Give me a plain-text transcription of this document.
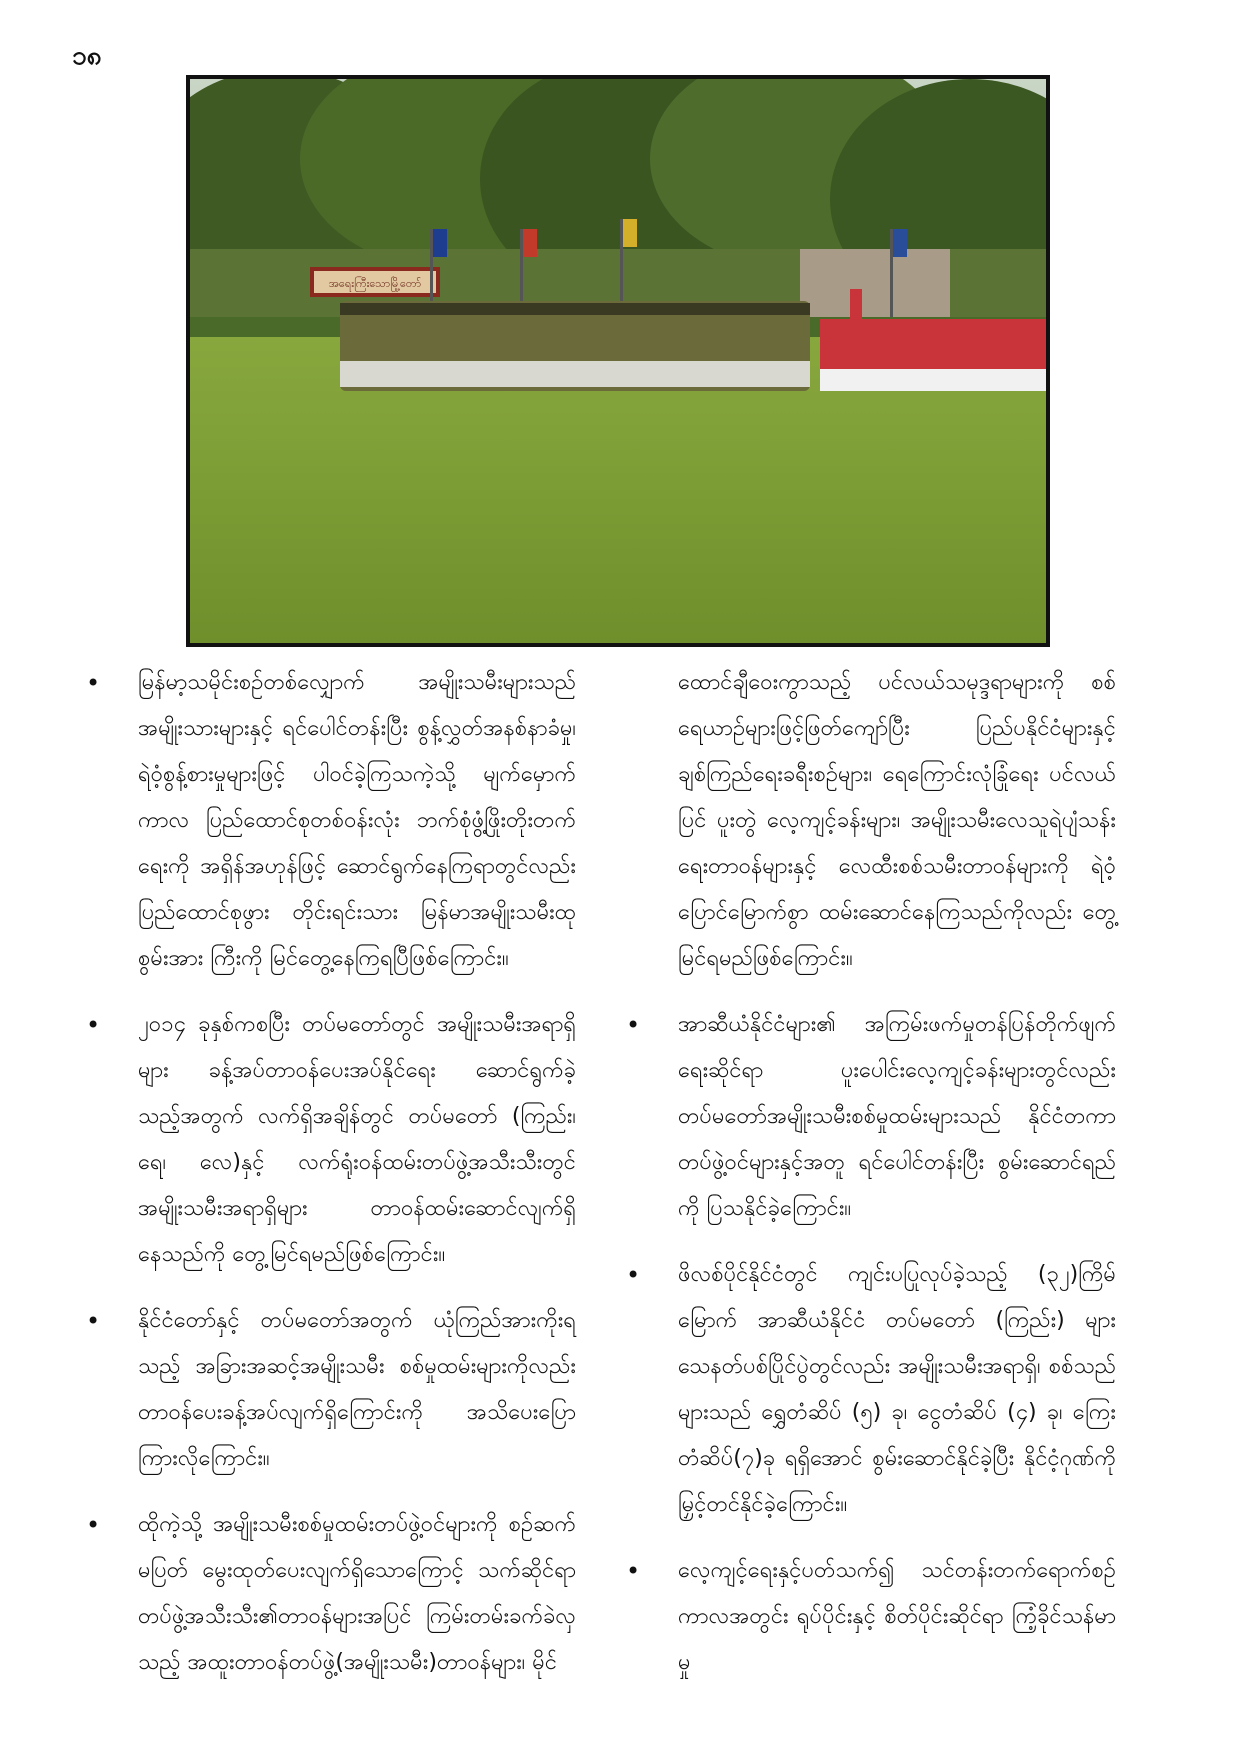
၁၈
အရေးကြီးသောမြို့တော်
• မြန်မာ့သမိုင်းစဉ်တစ်လျှောက် အမျိုးသမီးများသည် အမျိုးသားများနှင့် ရင်ပေါင်တန်းပြီး စွန့်လွှတ်အနစ်နာခံမှု၊ ရဲဝံ့စွန့်စားမှုများဖြင့် ပါဝင်ခဲ့ကြသကဲ့သို့ မျက်မှောက်ကာလ ပြည်ထောင်စုတစ်ဝန်းလုံး ဘက်စုံဖွံ့ဖြိုးတိုးတက်ရေးကို အရှိန်အဟုန်ဖြင့် ဆောင်ရွက်နေကြရာတွင်လည်း ပြည်ထောင်စုဖွား တိုင်းရင်းသား မြန်မာအမျိုးသမီးထုစွမ်းအား ကြီးကို မြင်တွေ့နေကြရပြီဖြစ်ကြောင်း။
• ၂၀၁၄ ခုနှစ်ကစပြီး တပ်မတော်တွင် အမျိုးသမီးအရာရှိများ ခန့်အပ်တာဝန်ပေးအပ်နိုင်ရေး ဆောင်ရွက်ခဲ့သည့်အတွက် လက်ရှိအချိန်တွင် တပ်မတော် (ကြည်း၊ ရေ၊ လေ)နှင့် လက်ရုံးဝန်ထမ်းတပ်ဖွဲ့အသီးသီးတွင် အမျိုးသမီးအရာရှိများ တာဝန်ထမ်းဆောင်လျက်ရှိနေသည်ကို တွေ့မြင်ရမည်ဖြစ်ကြောင်း။
• နိုင်ငံတော်နှင့် တပ်မတော်အတွက် ယုံကြည်အားကိုးရသည့် အခြားအဆင့်အမျိုးသမီး စစ်မှုထမ်းများကိုလည်း တာဝန်ပေးခန့်အပ်လျက်ရှိကြောင်းကို အသိပေးပြောကြားလိုကြောင်း။
• ထိုကဲ့သို့ အမျိုးသမီးစစ်မှုထမ်းတပ်ဖွဲ့ဝင်များကို စဉ်ဆက်မပြတ် မွေးထုတ်ပေးလျက်ရှိသောကြောင့် သက်ဆိုင်ရာ တပ်ဖွဲ့အသီးသီး၏တာဝန်များအပြင် ကြမ်းတမ်းခက်ခဲလှသည့် အထူးတာဝန်တပ်ဖွဲ့(အမျိုးသမီး)တာဝန်များ၊ မိုင်
ထောင်ချီဝေးကွာသည့် ပင်လယ်သမုဒ္ဒရာများကို စစ်ရေယာဉ်များဖြင့်ဖြတ်ကျော်ပြီး ပြည်ပနိုင်ငံများနှင့် ချစ်ကြည်ရေးခရီးစဉ်များ၊ ရေကြောင်းလုံခြုံရေး ပင်လယ်ပြင် ပူးတွဲ လေ့ကျင့်ခန်းများ၊ အမျိုးသမီးလေသူရဲပျံသန်းရေးတာဝန်များနှင့် လေထီးစစ်သမီးတာဝန်များကို ရဲဝံ့ပြောင်မြောက်စွာ ထမ်းဆောင်နေကြသည်ကိုလည်း တွေ့မြင်ရမည်ဖြစ်ကြောင်း။
• အာဆီယံနိုင်ငံများ၏ အကြမ်းဖက်မှုတန်ပြန်တိုက်ဖျက်ရေးဆိုင်ရာ ပူးပေါင်းလေ့ကျင့်ခန်းများတွင်လည်း တပ်မတော်အမျိုးသမီးစစ်မှုထမ်းများသည် နိုင်ငံတကာတပ်ဖွဲ့ဝင်များနှင့်အတူ ရင်ပေါင်တန်းပြီး စွမ်းဆောင်ရည်ကို ပြသနိုင်ခဲ့ကြောင်း။
• ဖိလစ်ပိုင်နိုင်ငံတွင် ကျင်းပပြုလုပ်ခဲ့သည့် (၃၂)ကြိမ်မြောက် အာဆီယံနိုင်ငံ တပ်မတော် (ကြည်း) များ သေနတ်ပစ်ပြိုင်ပွဲတွင်လည်း အမျိုးသမီးအရာရှိ၊ စစ်သည်များသည် ရွှေတံဆိပ် (၅) ခု၊ ငွေတံဆိပ် (၄) ခု၊ ကြေးတံဆိပ်(၇)ခု ရရှိအောင် စွမ်းဆောင်နိုင်ခဲ့ပြီး နိုင်ငံ့ဂုဏ်ကို မြှင့်တင်နိုင်ခဲ့ကြောင်း။
• လေ့ကျင့်ရေးနှင့်ပတ်သက်၍ သင်တန်းတက်ရောက်စဉ်ကာလအတွင်း ရုပ်ပိုင်းနှင့် စိတ်ပိုင်းဆိုင်ရာ ကြံ့ခိုင်သန်မာမှု
